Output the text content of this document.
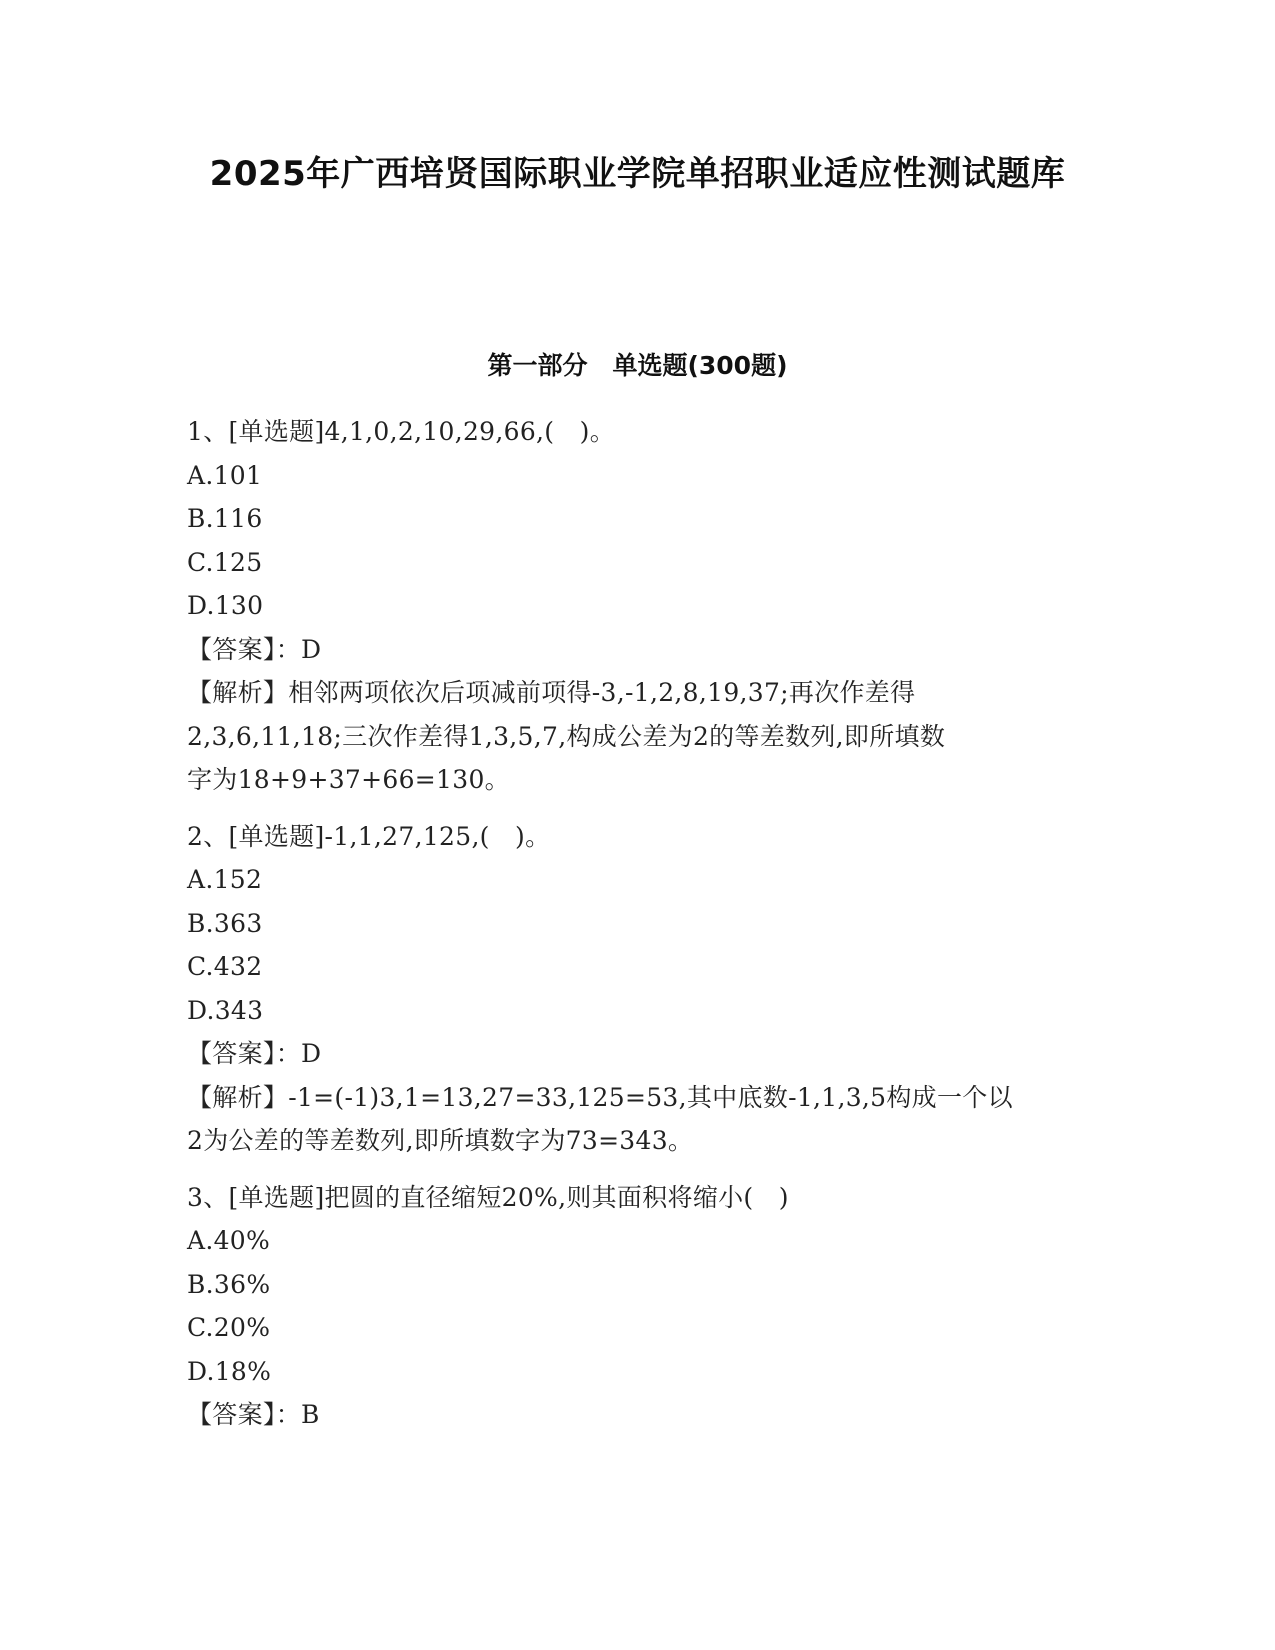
2025年广西培贤国际职业学院单招职业适应性测试题库
第一部分　单选题(300题)
1、[单选题]4,1,0,2,10,29,66,(　)。
A.101
B.116
C.125
D.130
【答案】：D
【解析】相邻两项依次后项减前项得-3,-1,2,8,19,37;再次作差得
2,3,6,11,18;三次作差得1,3,5,7,构成公差为2的等差数列,即所填数
字为18+9+37+66=130。
2、[单选题]-1,1,27,125,(　)。
A.152
B.363
C.432
D.343
【答案】：D
【解析】-1=(-1)3,1=13,27=33,125=53,其中底数-1,1,3,5构成一个以
2为公差的等差数列,即所填数字为73=343。
3、[单选题]把圆的直径缩短20%,则其面积将缩小(　)
A.40%
B.36%
C.20%
D.18%
【答案】：B
